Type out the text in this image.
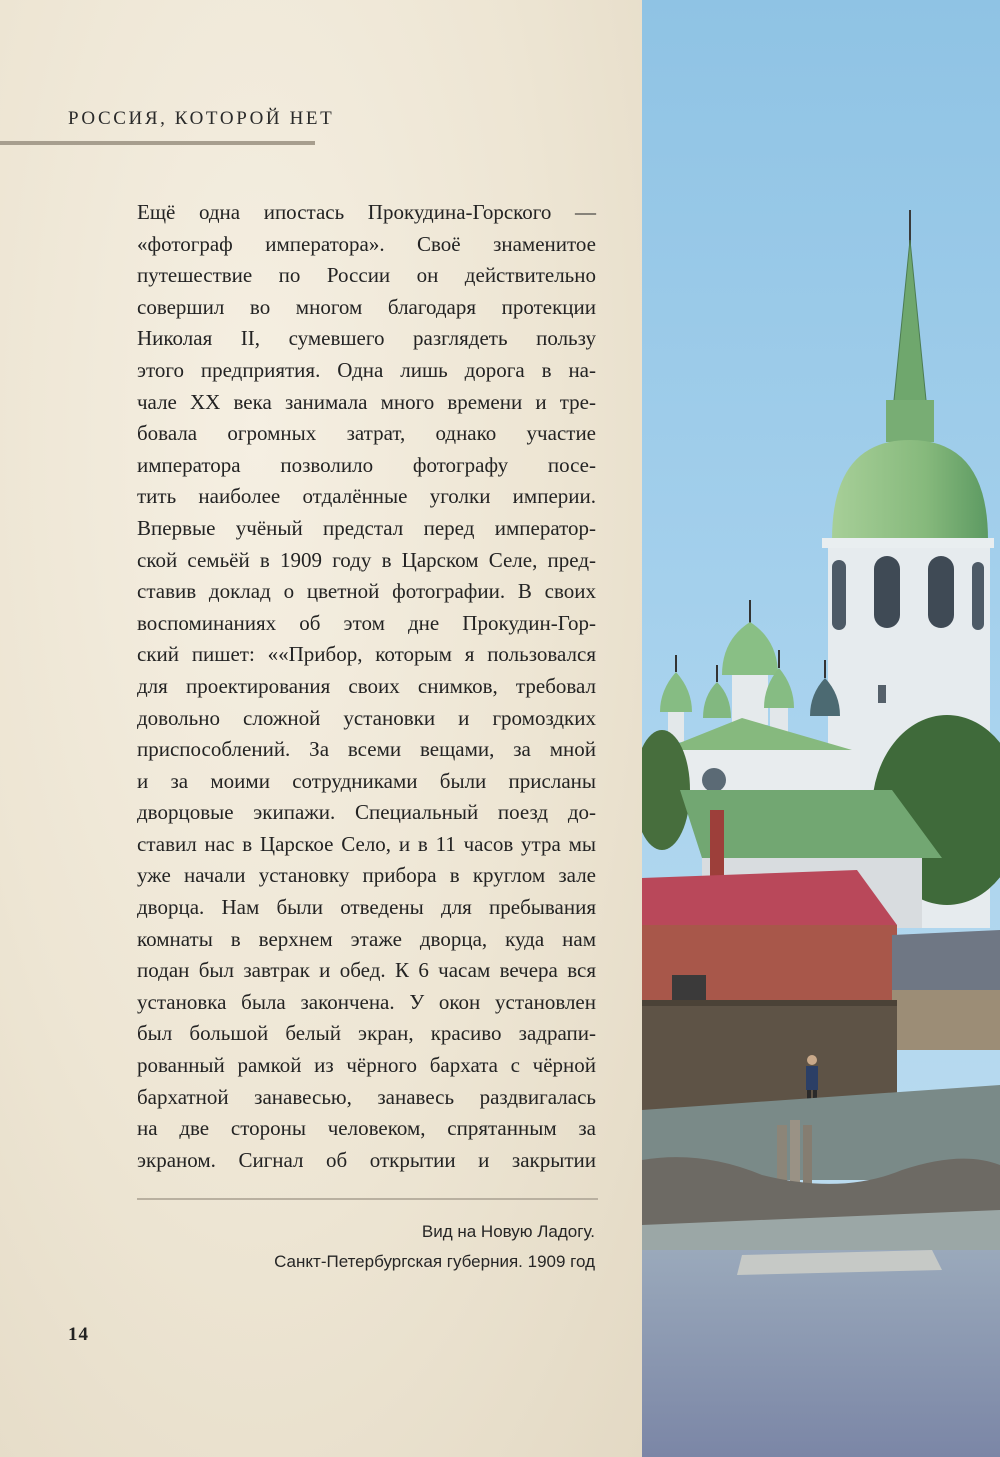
РОССИЯ, КОТОРОЙ НЕТ
Ещё одна ипостась Прокудина-Горского —
«фотограф императора». Своё знаменитое
путешествие по России он действительно
совершил во многом благодаря протекции
Николая II, сумевшего разглядеть пользу
этого предприятия. Одна лишь дорога в на-
чале XX века занимала много времени и тре-
бовала огромных затрат, однако участие
императора позволило фотографу посе-
тить наиболее отдалённые уголки империи.
Впервые учёный предстал перед император-
ской семьёй в 1909 году в Царском Селе, пред-
ставив доклад о цветной фотографии. В своих
воспоминаниях об этом дне Прокудин-Гор-
ский пишет: ««Прибор, которым я пользовался
для проектирования своих снимков, требовал
довольно сложной установки и громоздких
приспособлений. За всеми вещами, за мной
и за моими сотрудниками были присланы
дворцовые экипажи. Специальный поезд до-
ставил нас в Царское Село, и в 11 часов утра мы
уже начали установку прибора в круглом зале
дворца. Нам были отведены для пребывания
комнаты в верхнем этаже дворца, куда нам
подан был завтрак и обед. К 6 часам вечера вся
установка была закончена. У окон установлен
был большой белый экран, красиво задрапи-
рованный рамкой из чёрного бархата с чёрной
бархатной занавесью, занавесь раздвигалась
на две стороны человеком, спрятанным за
экраном. Сигнал об открытии и закрытии
Вид на Новую Ладогу.
Санкт-Петербургская губерния. 1909 год
14
